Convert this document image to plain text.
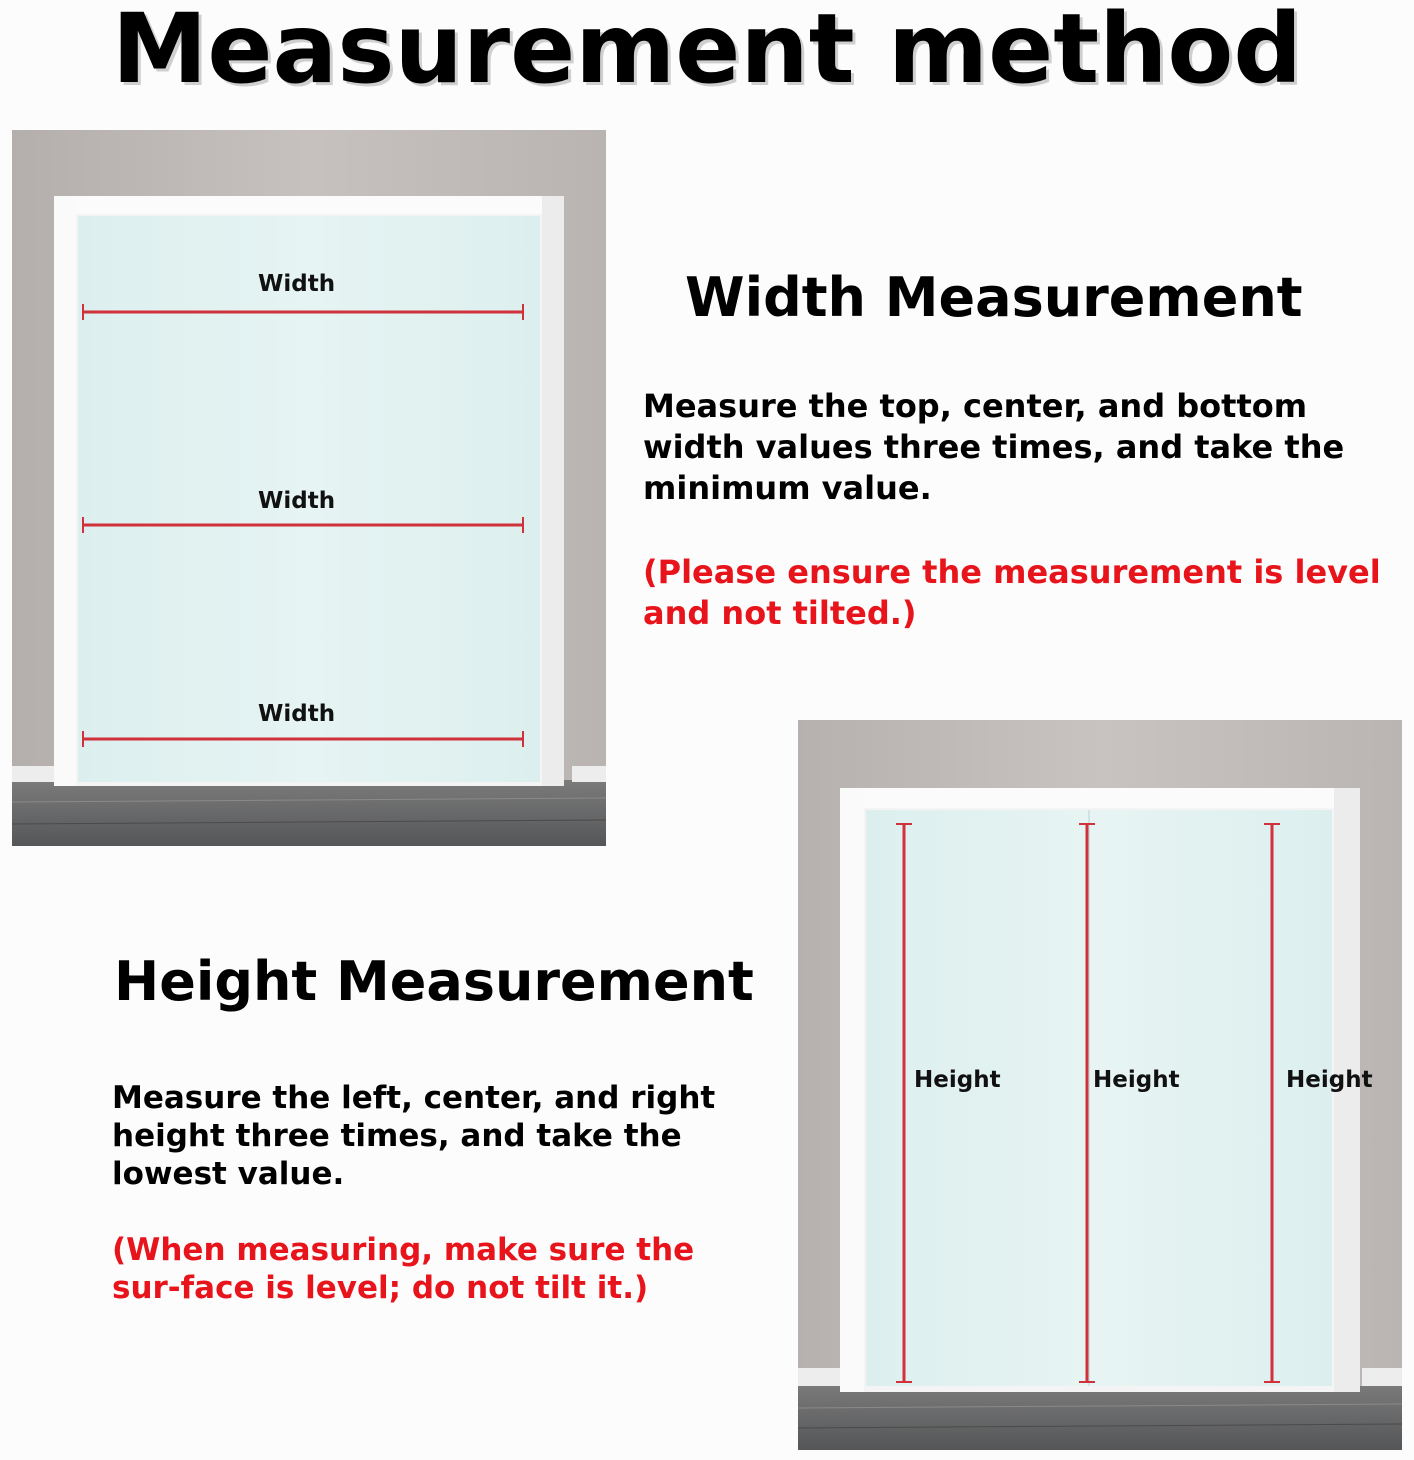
Measurement method
Width
Width
Width
Width Measurement

Measure the top, center, and bottom width values three times, and take the minimum value.

(Please ensure the measurement is level and not tilted.)

Height Measurement

Measure the left, center, and right height three times, and take the lowest value.

(When measuring, make sure the sur-face is level; do not tilt it.)

Height	Height	Height
